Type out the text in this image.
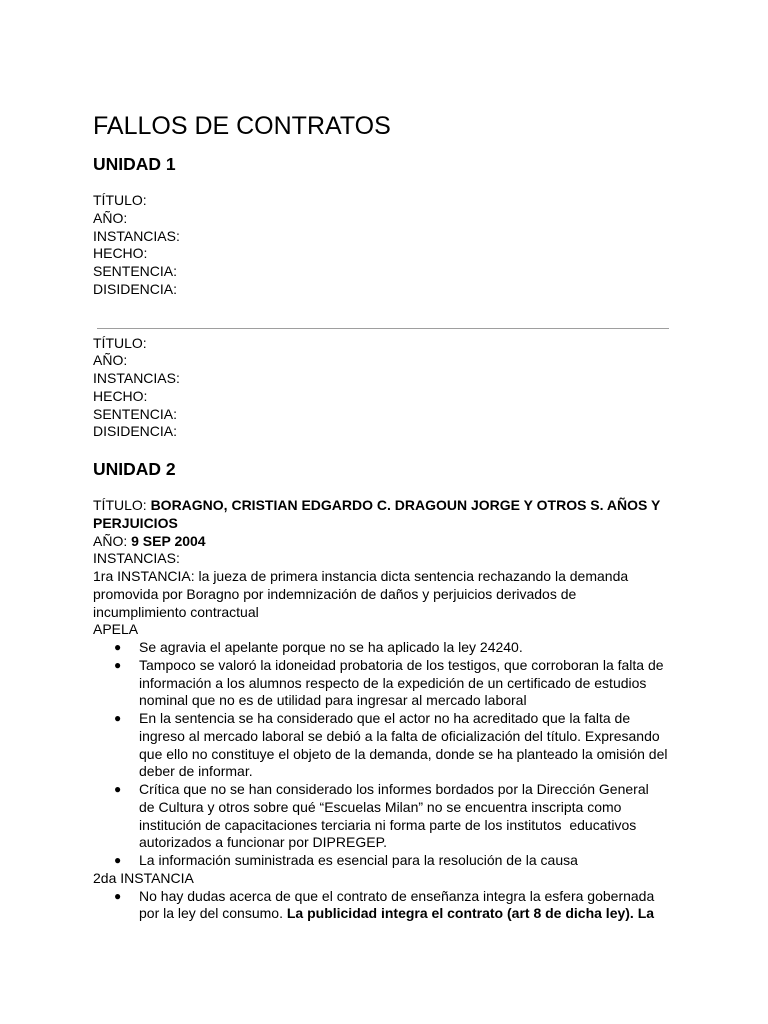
FALLOS DE CONTRATOS
UNIDAD 1

TÍTULO:

AÑO:

INSTANCIAS:

HECHO:

SENTENCIA:

DISIDENCIA:

TÍTULO:

AÑO:

INSTANCIAS:

HECHO:

SENTENCIA:

DISIDENCIA:

UNIDAD 2

TÍTULO: BORAGNO, CRISTIAN EDGARDO C. DRAGOUN JORGE Y OTROS S. AÑOS Y

PERJUICIOS

AÑO: 9 SEP 2004

INSTANCIAS:

1ra INSTANCIA: la jueza de primera instancia dicta sentencia rechazando la demanda

promovida por Boragno por indemnización de daños y perjuicios derivados de

incumplimiento contractual

APELA

● Se agravia el apelante porque no se ha aplicado la ley 24240.
● Tampoco se valoró la idoneidad probatoria de los testigos, que corroboran la falta de
información a los alumnos respecto de la expedición de un certificado de estudios
nominal que no es de utilidad para ingresar al mercado laboral
● En la sentencia se ha considerado que el actor no ha acreditado que la falta de
ingreso al mercado laboral se debió a la falta de oficialización del título. Expresando
que ello no constituye el objeto de la demanda, donde se ha planteado la omisión del
deber de informar.
● Crítica que no se han considerado los informes bordados por la Dirección General
de Cultura y otros sobre qué “Escuelas Milan” no se encuentra inscripta como
institución de capacitaciones terciaria ni forma parte de los institutos  educativos
autorizados a funcionar por DIPREGEP.
● La información suministrada es esencial para la resolución de la causa

2da INSTANCIA

● No hay dudas acerca de que el contrato de enseñanza integra la esfera gobernada
por la ley del consumo. La publicidad integra el contrato (art 8 de dicha ley). La
